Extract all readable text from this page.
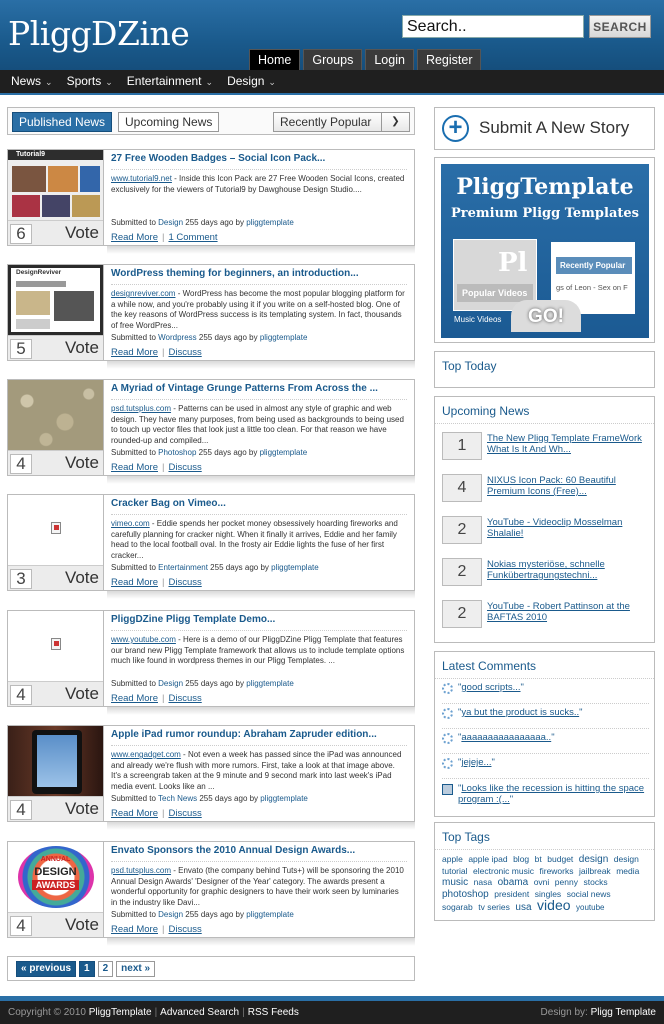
PliggDZine
Search..	SEARCH
Home	Groups	Login	Register
News ⌄ Sports ⌄ Entertainment ⌄ Design ⌄
Published News	Upcoming News	Recently Popular	❯
Tutorial9
6	Vote
27 Free Wooden Badges – Social Icon Pack...
www.tutorial9.net - Inside this Icon Pack are 27 Free Wooden Social Icons, created exclusively for the viewers of Tutorial9 by Dawghouse Design Studio....
Submitted to Design 255 days ago by pliggtemplate
Read More | 1 Comment
DesignReviver
5	Vote
WordPress theming for beginners, an introduction...
designreviver.com - WordPress has become the most popular blogging platform for a while now, and you're probably using it if you write on a self-hosted blog. One of the key reasons of WordPress success is its templating system. In fact, thousands of free WordPres...
Submitted to Wordpress 255 days ago by pliggtemplate
Read More | Discuss
4	Vote
A Myriad of Vintage Grunge Patterns From Across the ...
psd.tutsplus.com - Patterns can be used in almost any style of graphic and web design. They have many purposes, from being used as backgrounds to being used to touch up vector files that look just a little too clean. For that reason we have rounded-up and compiled...
Submitted to Photoshop 255 days ago by pliggtemplate
Read More | Discuss
3	Vote
Cracker Bag on Vimeo...
vimeo.com - Eddie spends her pocket money obsessively hoarding fireworks and carefully planning for cracker night. When it finally it arrives, Eddie and her family head to the local football oval. In the frosty air Eddie lights the fuse of her first cracker...
Submitted to Entertainment 255 days ago by pliggtemplate
Read More | Discuss
4	Vote
PliggDZine Pligg Template Demo...
www.youtube.com - Here is a demo of our PliggDZine Pligg Template that features our brand new Pligg Template framework that allows us to include template options much like found in wordpress themes in our Pligg Templates. ...
Submitted to Design 255 days ago by pliggtemplate
Read More | Discuss
4	Vote
Apple iPad rumor roundup: Abraham Zapruder edition...
www.engadget.com - Not even a week has passed since the iPad was announced and already we're flush with more rumors. First, take a look at that image above. It's a screengrab taken at the 9 minute and 9 second mark into last week's iPad media event. Looks like an ...
Submitted to Tech News 255 days ago by pliggtemplate
Read More | Discuss
ANNUAL
DESIGN
AWARDS
4	Vote
Envato Sponsors the 2010 Annual Design Awards...
psd.tutsplus.com - Envato (the company behind Tuts+) will be sponsoring the 2010 Annual Design Awards' 'Designer of the Year' category. The awards present a wonderful opportunity for graphic designers to have their work seen by luminaries in the industry like Davi...
Submitted to Design 255 days ago by pliggtemplate
Read More | Discuss
« previous	1	2	next »
+ Submit A New Story
PliggTemplate
Premium Pligg Templates
Pl
Popular Videos
Music Videos
Recently Popular
gs of Leon - Sex on F
GO!
Top Today
Upcoming News
1	The New Pligg Template FrameWork What Is It And Wh...
4	NIXUS Icon Pack: 60 Beautiful Premium Icons (Free)...
2	YouTube - Videoclip Mosselman Shalalie!
2	Nokias mysteriöse, schnelle Funkübertragungstechni...
2	YouTube - Robert Pattinson at the BAFTAS 2010
Latest Comments
"good scripts..."
"ya but the product is sucks.."
"aaaaaaaaaaaaaaaa.."
"jejeje..."
"Looks like the recession is hitting the space program :(..."
Top Tags
apple apple ipad blog bt budget design design tutorial electronic music fireworks jailbreak media music nasa obama ovni penny stocks photoshop president singles social news sogarab tv series usa video youtube
Copyright © 2010 PliggTemplate | Advanced Search | RSS Feeds	Design by: Pligg Template
